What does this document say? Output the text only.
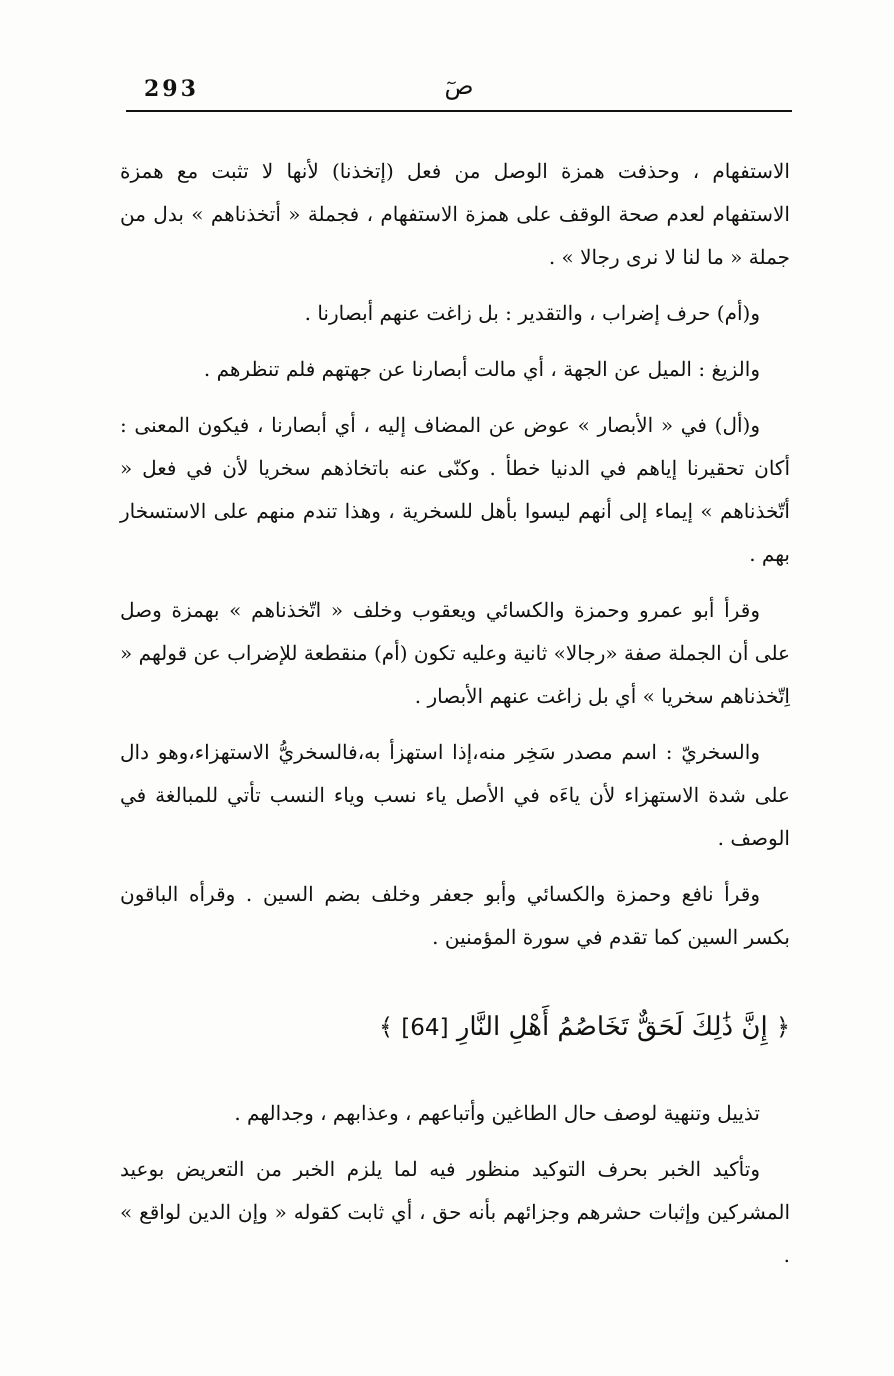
293	صٓ

الاستفهام ، وحذفت همزة الوصل من فعل (إتخذنا) لأنها لا تثبت مع همزة الاستفهام لعدم صحة الوقف على همزة الاستفهام ، فجملة « أتخذناهم » بدل من جملة « ما لنا لا نرى رجالا » .

و(أم) حرف إضراب ، والتقدير : بل زاغت عنهم أبصارنا .

والزيغ : الميل عن الجهة ، أي مالت أبصارنا عن جهتهم فلم تنظرهم .

و(أل) في « الأبصار » عوض عن المضاف إليه ، أي أبصارنا ، فيكون المعنى : أكان تحقيرنا إياهم في الدنيا خطأ . وكنّى عنه باتخاذهم سخريا لأن في فعل « أتّخذناهم » إيماء إلى أنهم ليسوا بأهل للسخرية ، وهذا تندم منهم على الاستسخار بهم .

وقرأ أبو عمرو وحمزة والكسائي ويعقوب وخلف « اتّخذناهم » بهمزة وصل على أن الجملة صفة «رجالا» ثانية وعليه تكون (أم) منقطعة للإضراب عن قولهم « اِتّخذناهم سخريا » أي بل زاغت عنهم الأبصار .

والسخريّ : اسم مصدر سَخِر منه،إذا استهزأ به،فالسخريُّ الاستهزاء،وهو دال على شدة الاستهزاء لأن ياءَه في الأصل ياء نسب وياء النسب تأتي للمبالغة في الوصف .

وقرأ نافع وحمزة والكسائي وأبو جعفر وخلف بضم السين . وقرأه الباقون بكسر السين كما تقدم في سورة المؤمنين .

﴿ إِنَّ ذَٰلِكَ لَحَقٌّ تَخَاصُمُ أَهْلِ النَّارِ [64] ﴾

تذييل وتنهية لوصف حال الطاغين وأتباعهم ، وعذابهم ، وجدالهم .

وتأكيد الخبر بحرف التوكيد منظور فيه لما يلزم الخبر من التعريض بوعيد المشركين وإثبات حشرهم وجزائهم بأنه حق ، أي ثابت كقوله « وإن الدين لواقع » .
